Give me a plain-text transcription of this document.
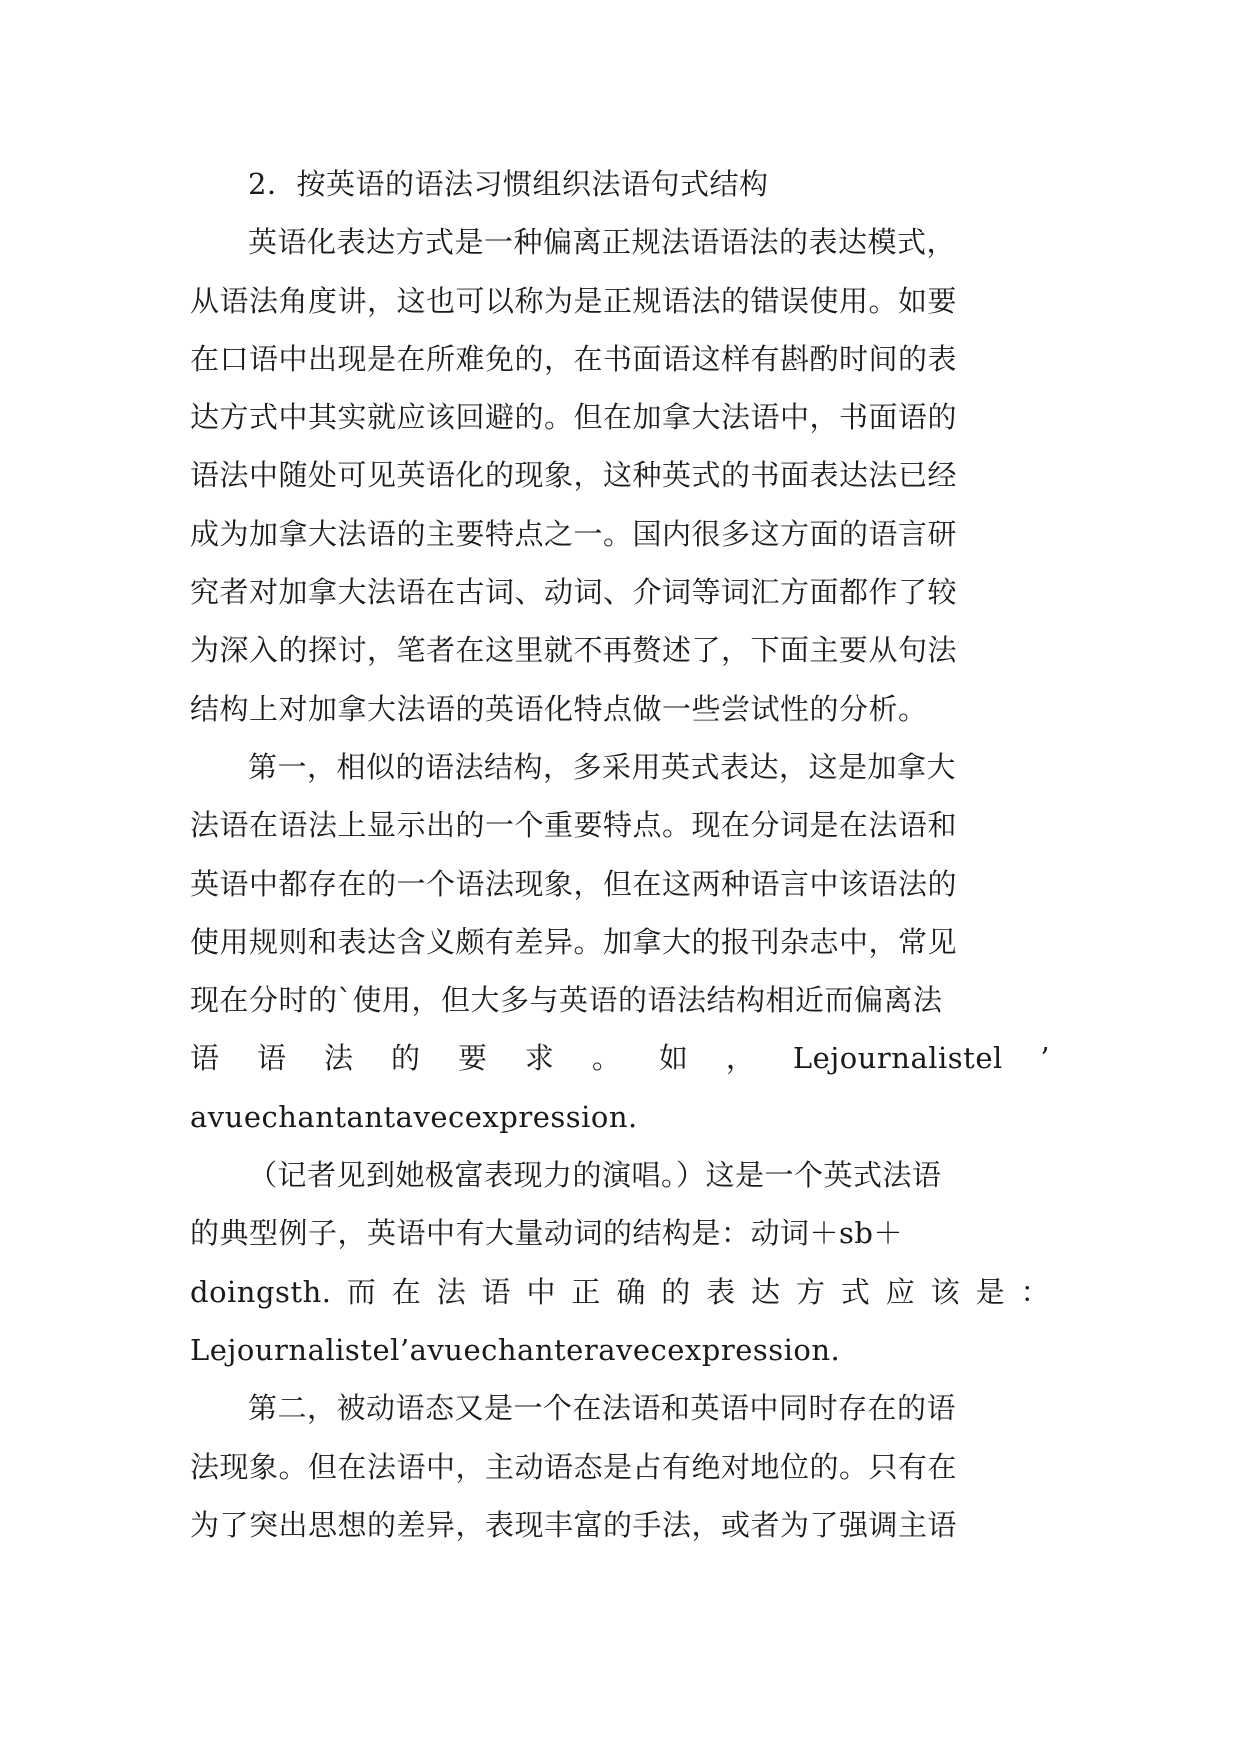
2．按英语的语法习惯组织法语句式结构
英语化表达方式是一种偏离正规法语语法的表达模式，
从语法角度讲，这也可以称为是正规语法的错误使用。如要
在口语中出现是在所难免的，在书面语这样有斟酌时间的表
达方式中其实就应该回避的。但在加拿大法语中，书面语的
语法中随处可见英语化的现象，这种英式的书面表达法已经
成为加拿大法语的主要特点之一。国内很多这方面的语言研
究者对加拿大法语在古词、动词、介词等词汇方面都作了较
为深入的探讨，笔者在这里就不再赘述了，下面主要从句法
结构上对加拿大法语的英语化特点做一些尝试性的分析。
第一，相似的语法结构，多采用英式表达，这是加拿大
法语在语法上显示出的一个重要特点。现在分词是在法语和
英语中都存在的一个语法现象，但在这两种语言中该语法的
使用规则和表达含义颇有差异。加拿大的报刊杂志中，常见
现在分时的`使用，但大多与英语的语法结构相近而偏离法
语 语 法 的 要 求 。 如 ， Lejournalistel ’
avuechantantavecexpression.
（记者见到她极富表现力的演唱。）这是一个英式法语
的典型例子，英语中有大量动词的结构是：动词＋sb＋
doingsth. 而 在 法 语 中 正 确 的 表 达 方 式 应 该 是 ：
Lejournalistel’avuechanteravecexpression.
第二，被动语态又是一个在法语和英语中同时存在的语
法现象。但在法语中，主动语态是占有绝对地位的。只有在
为了突出思想的差异，表现丰富的手法，或者为了强调主语
